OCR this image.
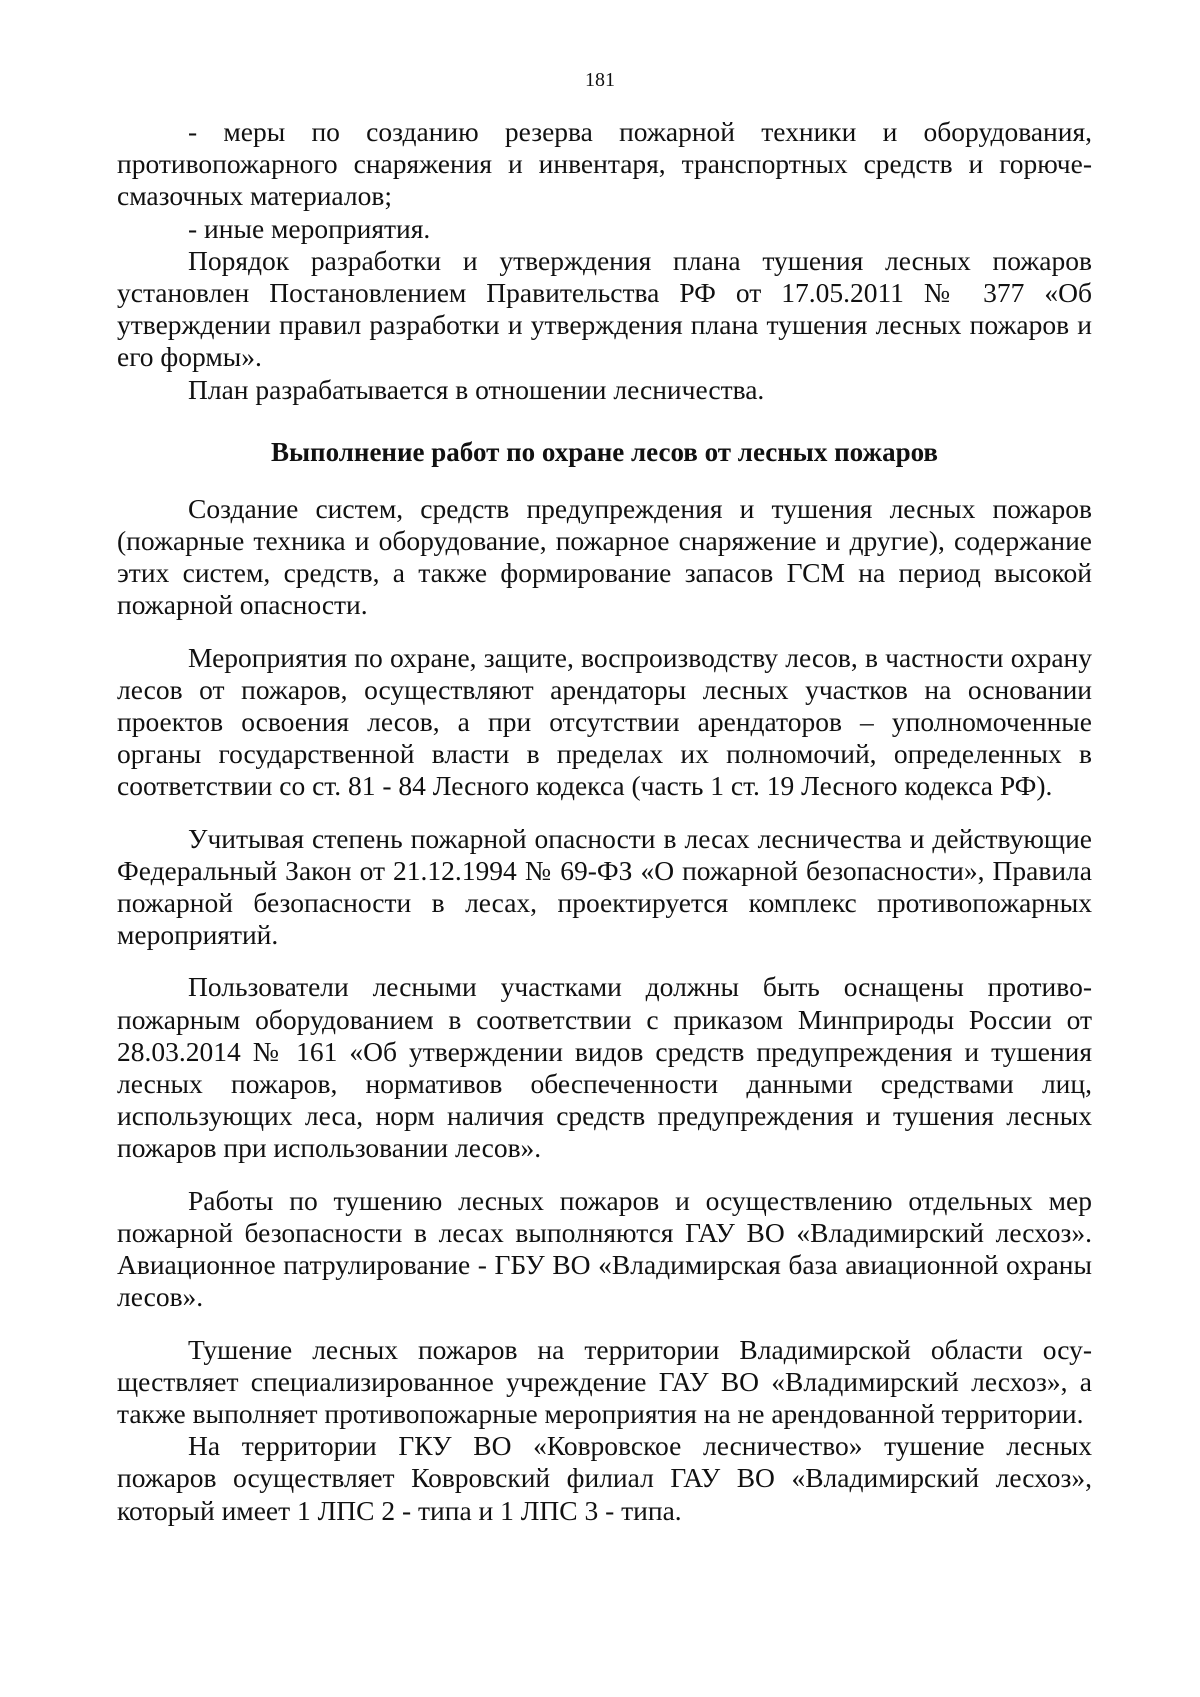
181

- меры по созданию резерва пожарной техники и оборудования, противопожарного снаряжения и инвентаря, транспортных средств и горючесмазочных материалов;

- иные мероприятия.

Порядок разработки и утверждения плана тушения лесных пожаров установлен Постановлением Правительства РФ от 17.05.2011 № 377 «Об утверждении правил разработки и утверждения плана тушения лесных пожаров и его формы».

План разрабатывается в отношении лесничества.

Выполнение работ по охране лесов от лесных пожаров

Создание систем, средств предупреждения и тушения лесных пожаров (пожарные техника и оборудование, пожарное снаряжение и другие), содержание этих систем, средств, а также формирование запасов ГСМ на период высокой пожарной опасности.

Мероприятия по охране, защите, воспроизводству лесов, в частности охрану лесов от пожаров, осуществляют арендаторы лесных участков на основании проектов освоения лесов, а при отсутствии арендаторов – уполномоченные органы государственной власти в пределах их полномочий, определенных в соответствии со ст. 81 - 84 Лесного кодекса (часть 1 ст. 19 Лесного кодекса РФ).

Учитывая степень пожарной опасности в лесах лесничества и действующие Федеральный Закон от 21.12.1994 № 69-ФЗ «О пожарной безопасности», Правила пожарной безопасности в лесах, проектируется комплекс противопожарных мероприятий.

Пользователи лесными участками должны быть оснащены противопожарным оборудованием в соответствии с приказом Минприроды России от 28.03.2014 № 161 «Об утверждении видов средств предупреждения и тушения лесных пожаров, нормативов обеспеченности данными средствами лиц, использующих леса, норм наличия средств предупреждения и тушения лесных пожаров при использовании лесов».

Работы по тушению лесных пожаров и осуществлению отдельных мер пожарной безопасности в лесах выполняются ГАУ ВО «Владимирский лесхоз». Авиационное патрулирование - ГБУ ВО «Владимирская база авиационной охраны лесов».

Тушение лесных пожаров на территории Владимирской области осуществляет специализированное учреждение ГАУ ВО «Владимирский лесхоз», а также выполняет противопожарные мероприятия на не арендованной территории.

На территории ГКУ ВО «Ковровское лесничество» тушение лесных пожаров осуществляет Ковровский филиал ГАУ ВО «Владимирский лесхоз», который имеет 1 ЛПС 2 - типа и 1 ЛПС 3 - типа.
